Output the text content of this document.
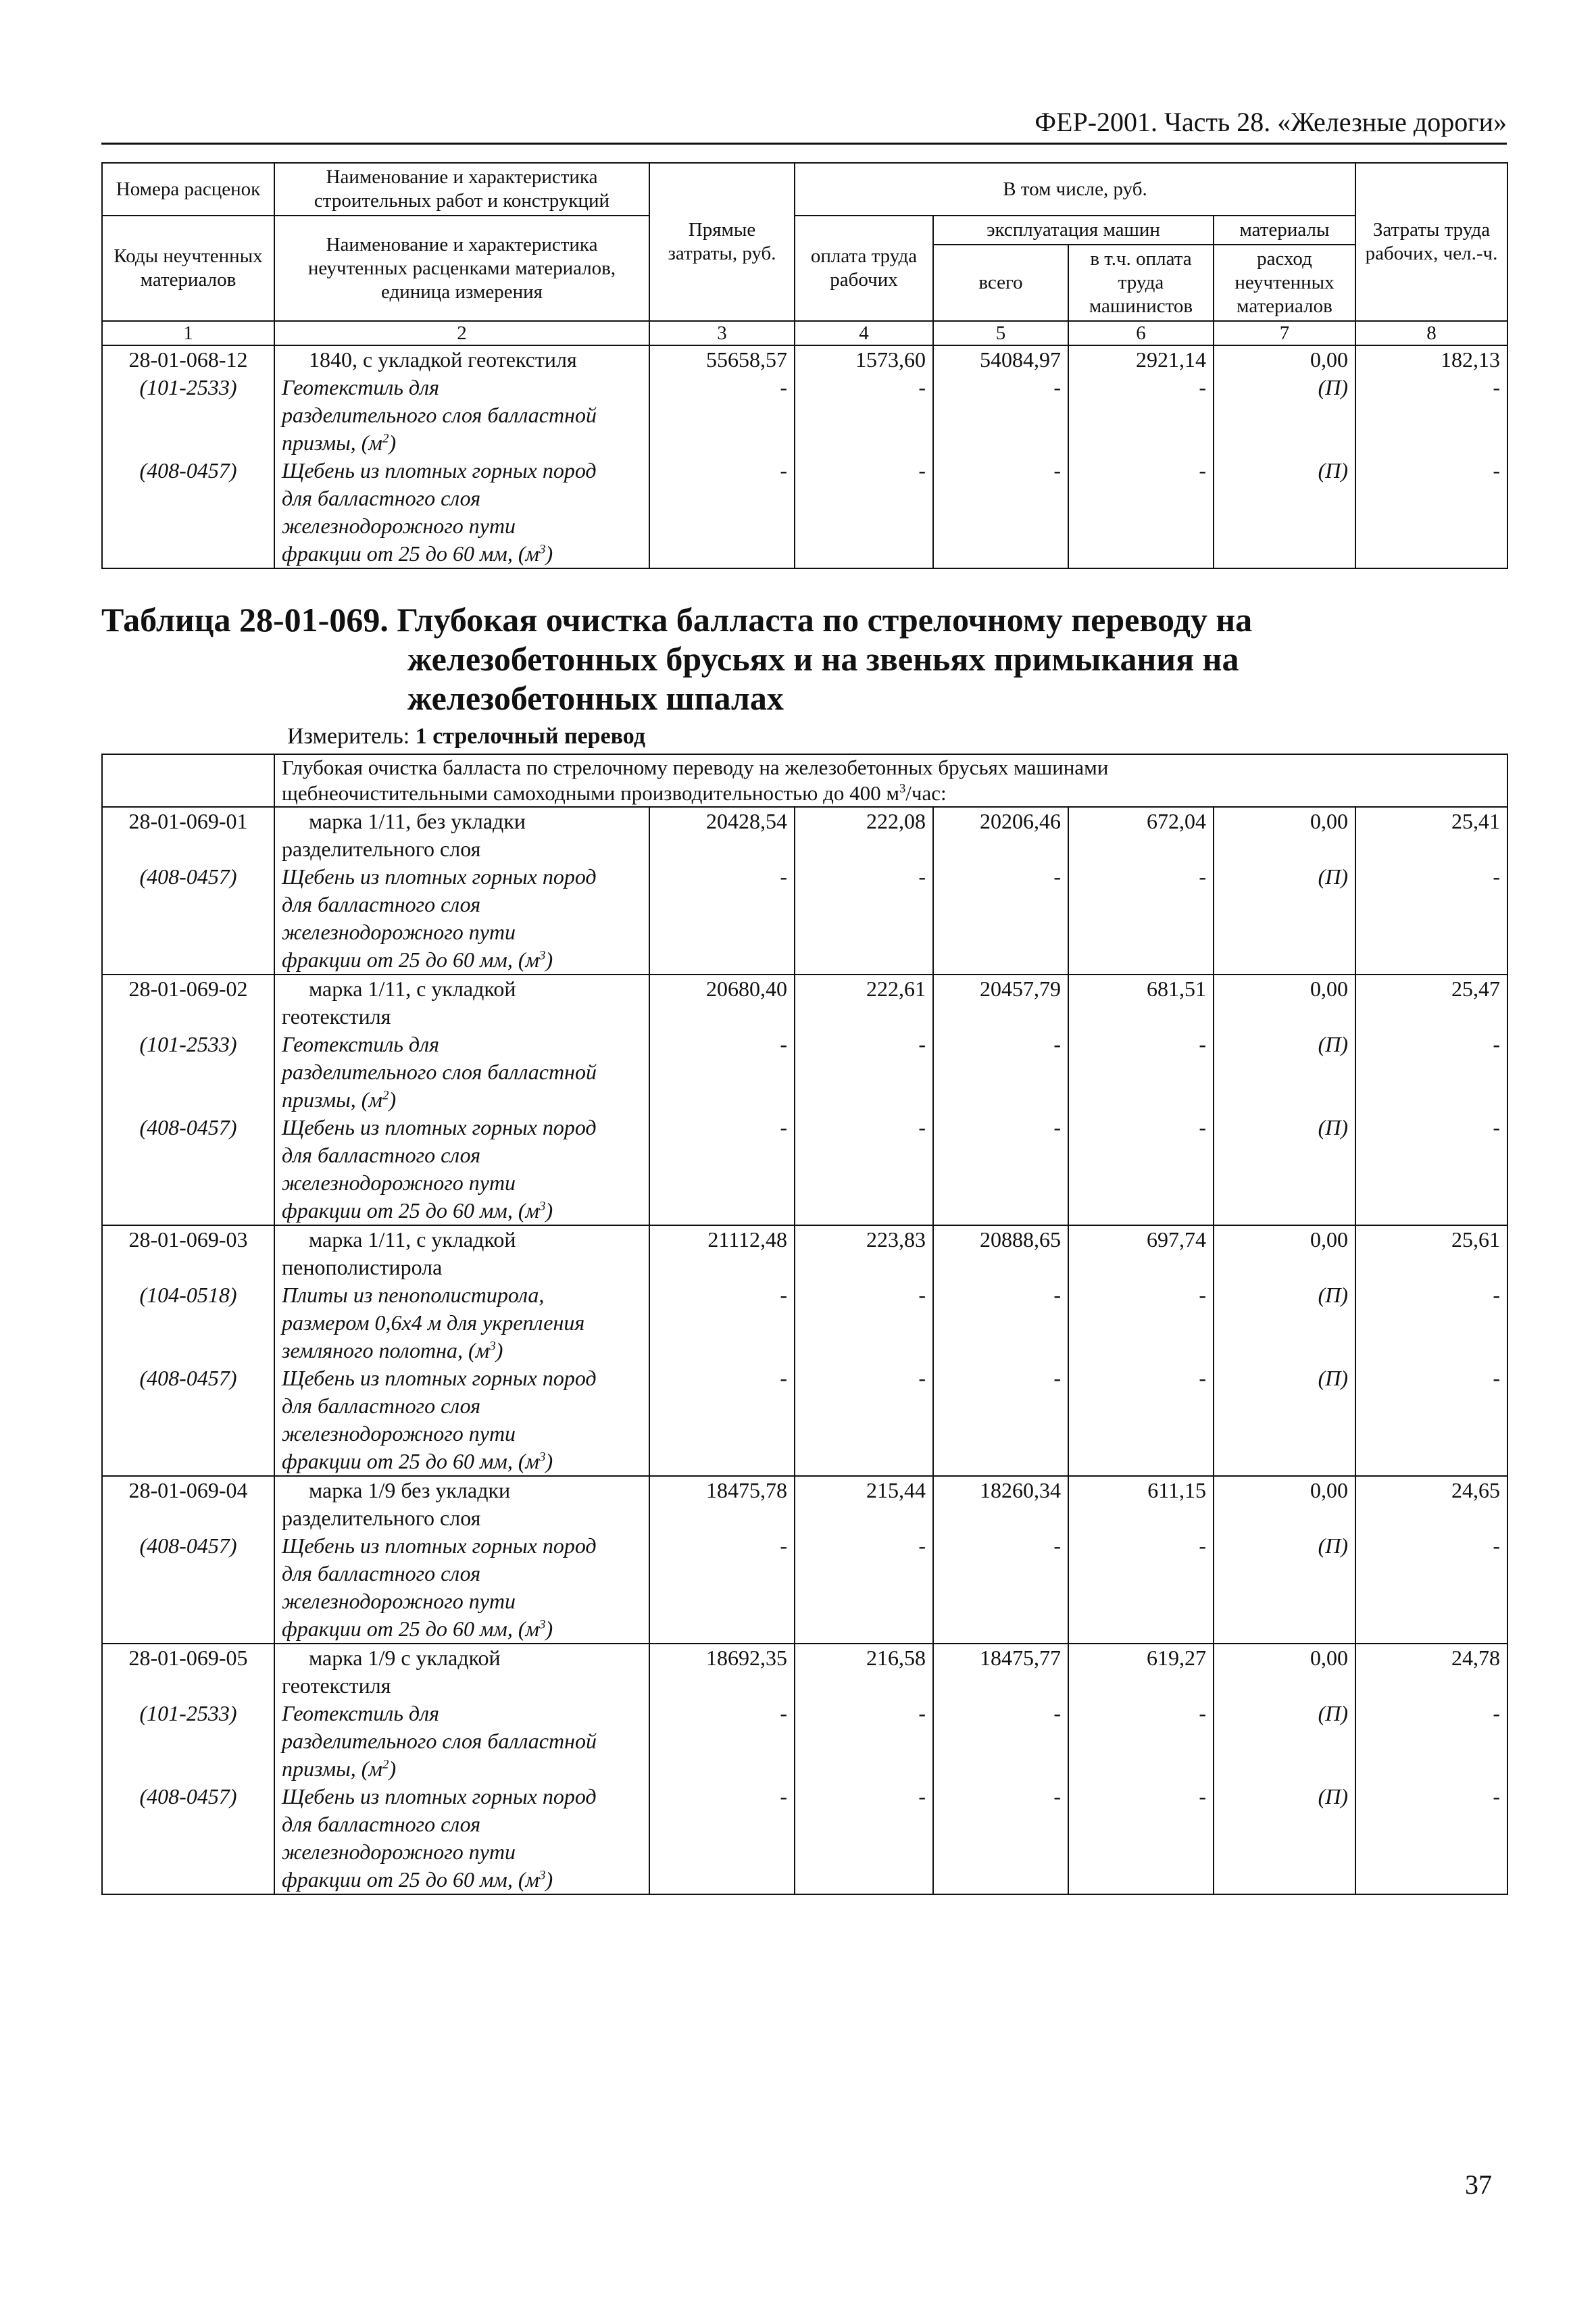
ФЕР-2001. Часть 28. «Железные дороги»
Номера расценок	Наименование и характеристика строительных работ и конструкций	Прямые затраты, руб.	В том числе, руб.				Затраты труда рабочих, чел.-ч.
Коды неучтенных материалов	Наименование и характеристика неучтенных расценками материалов, единица измерения		оплата труда рабочих	эксплуатация машин		материалы	
				всего	в т.ч. оплата труда машинистов	расход неучтенных материалов	
1	2	3	4	5	6	7	8
28-01-068-12	1840, с укладкой геотекстиля	55658,57	1573,60	54084,97	2921,14	0,00	182,13
(101-2533)	Геотекстиль для
разделительного слоя балластной
призмы, $(м^2)$	-	-	-	-	(П)	-
(408-0457)	Щебень из плотных горных пород
для балластного слоя
железнодорожного пути
фракции от 25 до 60 мм, $(м^3)$	-	-	-	-	(П)	-
Таблица 28-01-069. Глубокая очистка балласта по стрелочному переводу на
железобетонных брусьях и на звеньях примыкания на
железобетонных шпалах
Измеритель: 1 стрелочный перевод

	Глубокая очистка балласта по стрелочному переводу на железобетонных брусьях машинами
щебнеочистительными самоходными производительностью до 400 $м^3$/час:						

28-01-069-01	марка 1/11, без укладки
разделительного слоя	20428,54	222,08	20206,46	672,04	0,00	25,41
(408-0457)	Щебень из плотных горных пород
для балластного слоя
железнодорожного пути
фракции от 25 до 60 мм, $(м^3)$	-	-	-	-	(П)	-
28-01-069-02	марка 1/11, с укладкой
геотекстиля	20680,40	222,61	20457,79	681,51	0,00	25,47
(101-2533)	Геотекстиль для
разделительного слоя балластной
призмы, $(м^2)$	-	-	-	-	(П)	-
(408-0457)	Щебень из плотных горных пород
для балластного слоя
железнодорожного пути
фракции от 25 до 60 мм, $(м^3)$	-	-	-	-	(П)	-
28-01-069-03	марка 1/11, с укладкой
пенополистирола	21112,48	223,83	20888,65	697,74	0,00	25,61
(104-0518)	Плиты из пенополистирола,
размером 0,6х4 м для укрепления
земляного полотна, $(м^3)$	-	-	-	-	(П)	-
(408-0457)	Щебень из плотных горных пород
для балластного слоя
железнодорожного пути
фракции от 25 до 60 мм, $(м^3)$	-	-	-	-	(П)	-
28-01-069-04	марка 1/9 без укладки
разделительного слоя	18475,78	215,44	18260,34	611,15	0,00	24,65
(408-0457)	Щебень из плотных горных пород
для балластного слоя
железнодорожного пути
фракции от 25 до 60 мм, $(м^3)$	-	-	-	-	(П)	-
28-01-069-05	марка 1/9 с укладкой
геотекстиля	18692,35	216,58	18475,77	619,27	0,00	24,78
(101-2533)	Геотекстиль для
разделительного слоя балластной
призмы, $(м^2)$	-	-	-	-	(П)	-
(408-0457)	Щебень из плотных горных пород
для балластного слоя
железнодорожного пути
фракции от 25 до 60 мм, $(м^3)$	-	-	-	-	(П)	-
37
